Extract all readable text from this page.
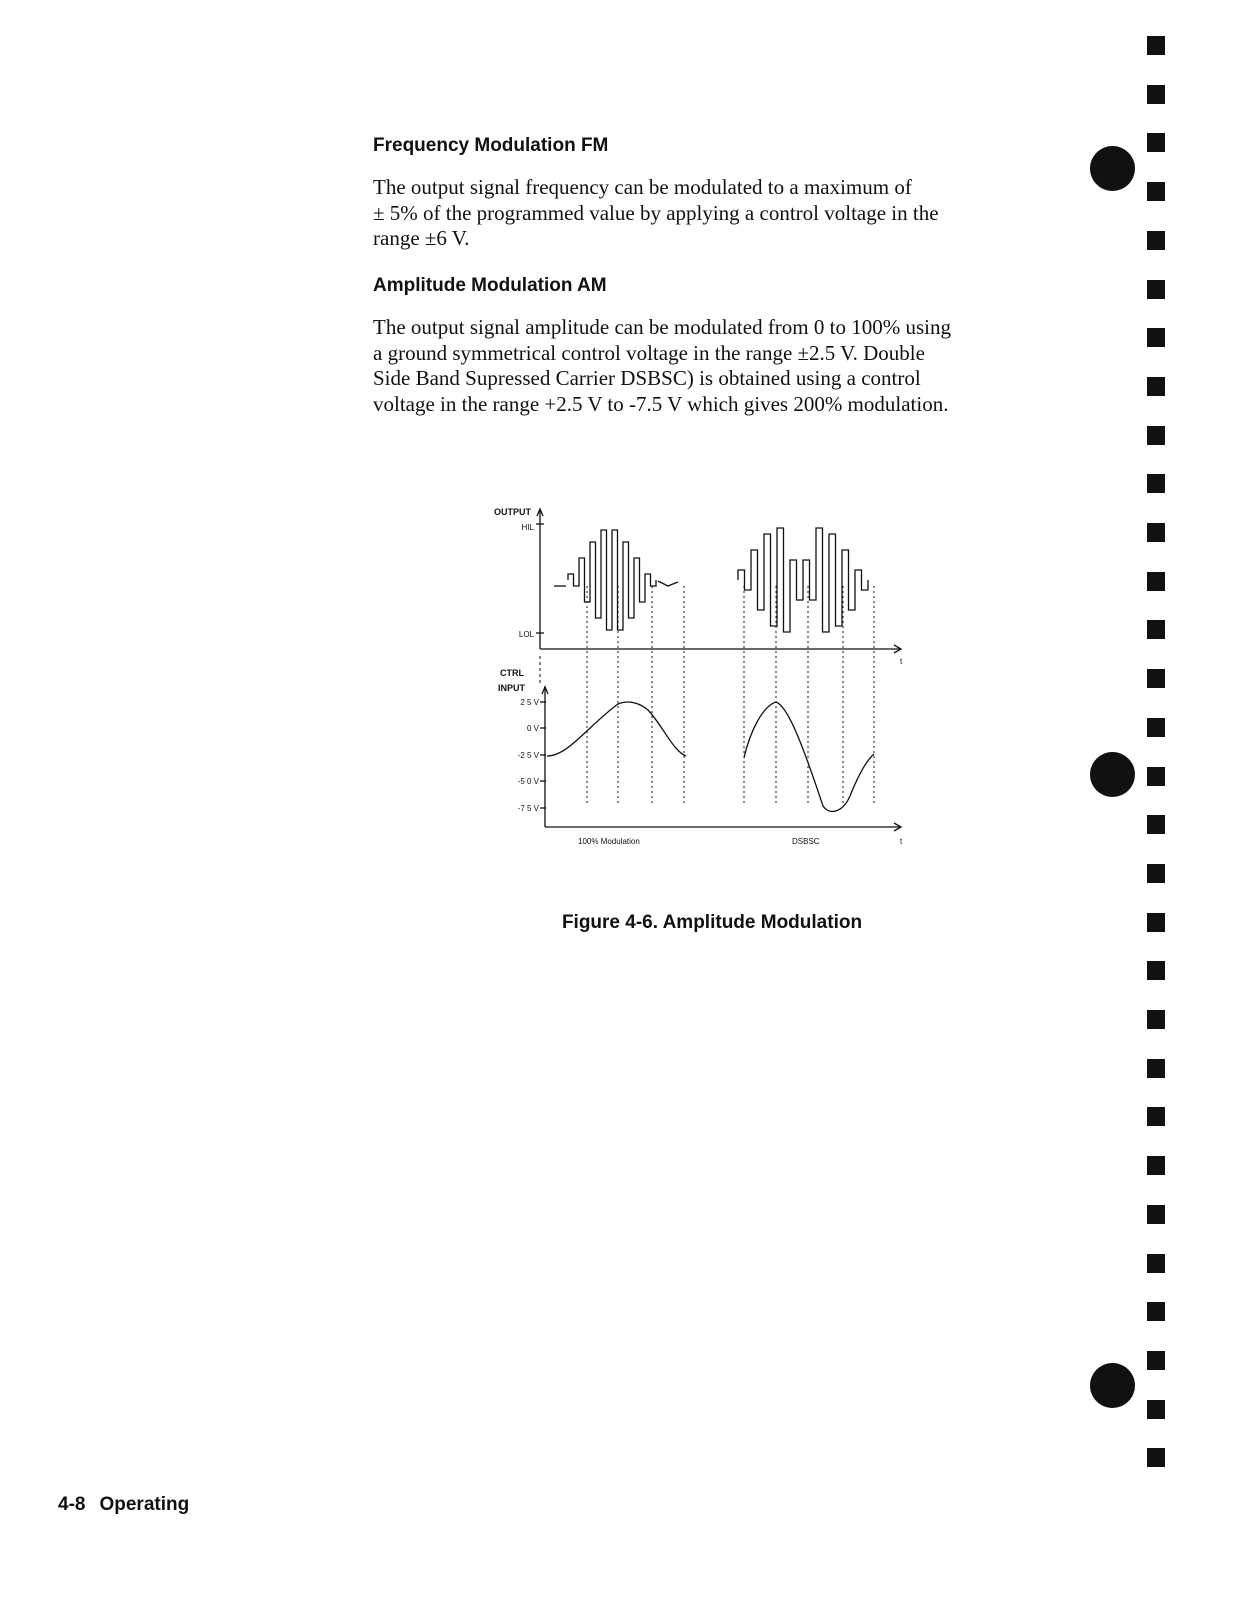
Frequency Modulation FM

The output signal frequency can be modulated to a maximum of
± 5% of the programmed value by applying a control voltage in the
range ±6 V.

Amplitude Modulation AM

The output signal amplitude can be modulated from 0 to 100% using
a ground symmetrical control voltage in the range ±2.5 V. Double
Side Band Supressed Carrier DSBSC) is obtained using a control
voltage in the range +2.5 V to -7.5 V which gives 200% modulation.

OUTPUT
HIL
LOL
t
CTRL
INPUT
2 5 V
0 V
-2 5 V
-5 0 V
-7 5 V
100% Modulation	DSBSC	t

Figure 4-6. Amplitude Modulation

4-8 Operating
